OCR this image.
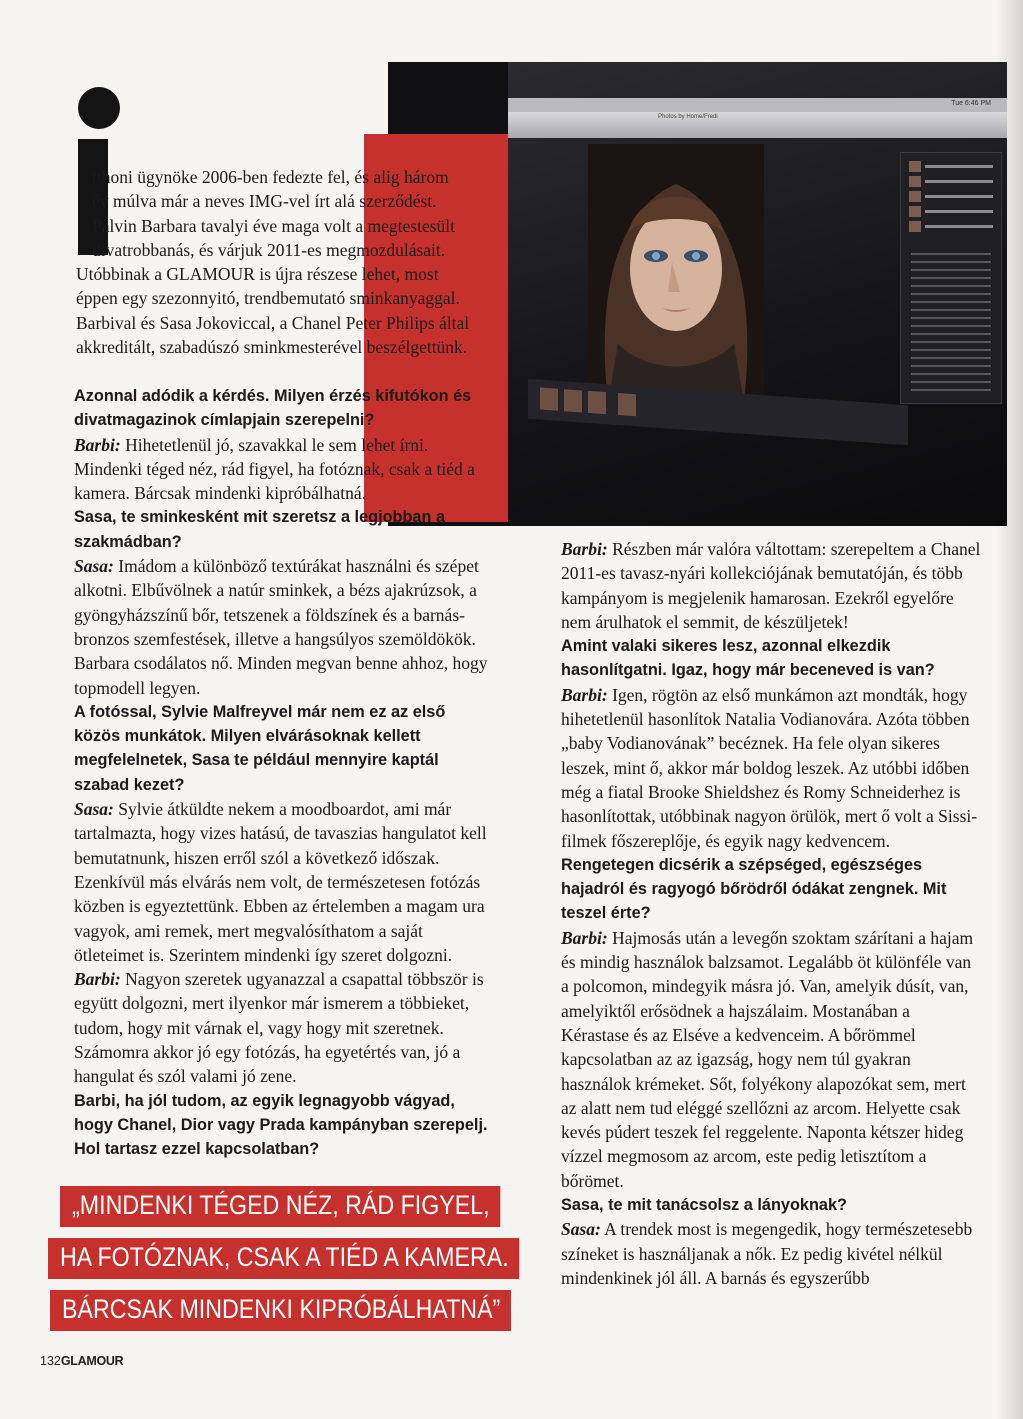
Tue 6:46 PM
Photos by Home/Fredi

tthoni ügynöke 2006-ben fedezte fel, és alig három

év múlva már a neves IMG-vel írt alá szerződést.

Palvin Barbara tavalyi éve maga volt a megtestesült

divatrobbanás, és várjuk 2011-es megmozdulásait.

Utóbbinak a GLAMOUR is újra részese lehet, most

éppen egy szezonnyitó, trendbemutató sminkanyaggal.

Barbival és Sasa Jokoviccal, a Chanel Peter Philips által

akkreditált, szabadúszó sminkmesterével beszélgettünk.

Azonnal adódik a kérdés. Milyen érzés kifutókon és divatmagazinok címlapjain szerepelni?

Barbi: Hihetetlenül jó, szavakkal le sem lehet írni. Mindenki téged néz, rád figyel, ha fotóznak, csak a tiéd a kamera. Bárcsak mindenki kipróbálhatná.

Sasa, te sminkesként mit szeretsz a legjobban a szakmádban?

Sasa: Imádom a különböző textúrákat használni és szépet alkotni. Elbűvölnek a natúr sminkek, a bézs ajakrúzsok, a gyöngyházszínű bőr, tetszenek a földszínek és a barnás-bronzos szemfestések, illetve a hangsúlyos szemöldökök. Barbara csodálatos nő. Minden megvan benne ahhoz, hogy topmodell legyen.

A fotóssal, Sylvie Malfreyvel már nem ez az első közös munkátok. Milyen elvárásoknak kellett megfelelnetek, Sasa te például mennyire kaptál szabad kezet?

Sasa: Sylvie átküldte nekem a moodboardot, ami már tartalmazta, hogy vizes hatású, de tavaszias hangulatot kell bemutatnunk, hiszen erről szól a következő időszak. Ezenkívül más elvárás nem volt, de természetesen fotózás közben is egyeztettünk. Ebben az értelemben a magam ura vagyok, ami remek, mert megvalósíthatom a saját ötleteimet is. Szerintem mindenki így szeret dolgozni.

Barbi: Nagyon szeretek ugyanazzal a csapattal többször is együtt dolgozni, mert ilyenkor már ismerem a többieket, tudom, hogy mit várnak el, vagy hogy mit szeretnek. Számomra akkor jó egy fotózás, ha egyetértés van, jó a hangulat és szól valami jó zene.

Barbi, ha jól tudom, az egyik legnagyobb vágyad, hogy Chanel, Dior vagy Prada kampányban szerepelj. Hol tartasz ezzel kapcsolatban?

Barbi: Részben már valóra váltottam: szerepeltem a Chanel 2011-es tavasz-nyári kollekciójának bemutatóján, és több kampányom is megjelenik hamarosan. Ezekről egyelőre nem árulhatok el semmit, de készüljetek!

Amint valaki sikeres lesz, azonnal elkezdik hasonlítgatni. Igaz, hogy már beceneved is van?

Barbi: Igen, rögtön az első munkámon azt mondták, hogy hihetetlenül hasonlítok Natalia Vodianovára. Azóta többen „baby Vodianovának” becéznek. Ha fele olyan sikeres leszek, mint ő, akkor már boldog leszek. Az utóbbi időben még a fiatal Brooke Shieldshez és Romy Schneiderhez is hasonlítottak, utóbbinak nagyon örülök, mert ő volt a Sissi-filmek főszereplője, és egyik nagy kedvencem.

Rengetegen dicsérik a szépséged, egészséges hajadról és ragyogó bőrödről ódákat zengnek. Mit teszel érte?

Barbi: Hajmosás után a levegőn szoktam szárítani a hajam és mindig használok balzsamot. Legalább öt különféle van a polcomon, mindegyik másra jó. Van, amelyik dúsít, van, amelyiktől erősödnek a hajszálaim. Mostanában a Kérastase és az Elséve a kedvenceim. A bőrömmel kapcsolatban az az igazság, hogy nem túl gyakran használok krémeket. Sőt, folyékony alapozókat sem, mert az alatt nem tud eléggé szellőzni az arcom. Helyette csak kevés púdert teszek fel reggelente. Naponta kétszer hideg vízzel megmosom az arcom, este pedig letisztítom a bőrömet.

Sasa, te mit tanácsolsz a lányoknak?

Sasa: A trendek most is megengedik, hogy természetesebb színeket is használjanak a nők. Ez pedig kivétel nélkül mindenkinek jól áll. A barnás és egyszerűbb

„MINDENKI TÉGED NÉZ, RÁD FIGYEL,
HA FOTÓZNAK, CSAK A TIÉD A KAMERA.
BÁRCSAK MINDENKI KIPRÓBÁLHATNÁ”
132GLAMOUR
